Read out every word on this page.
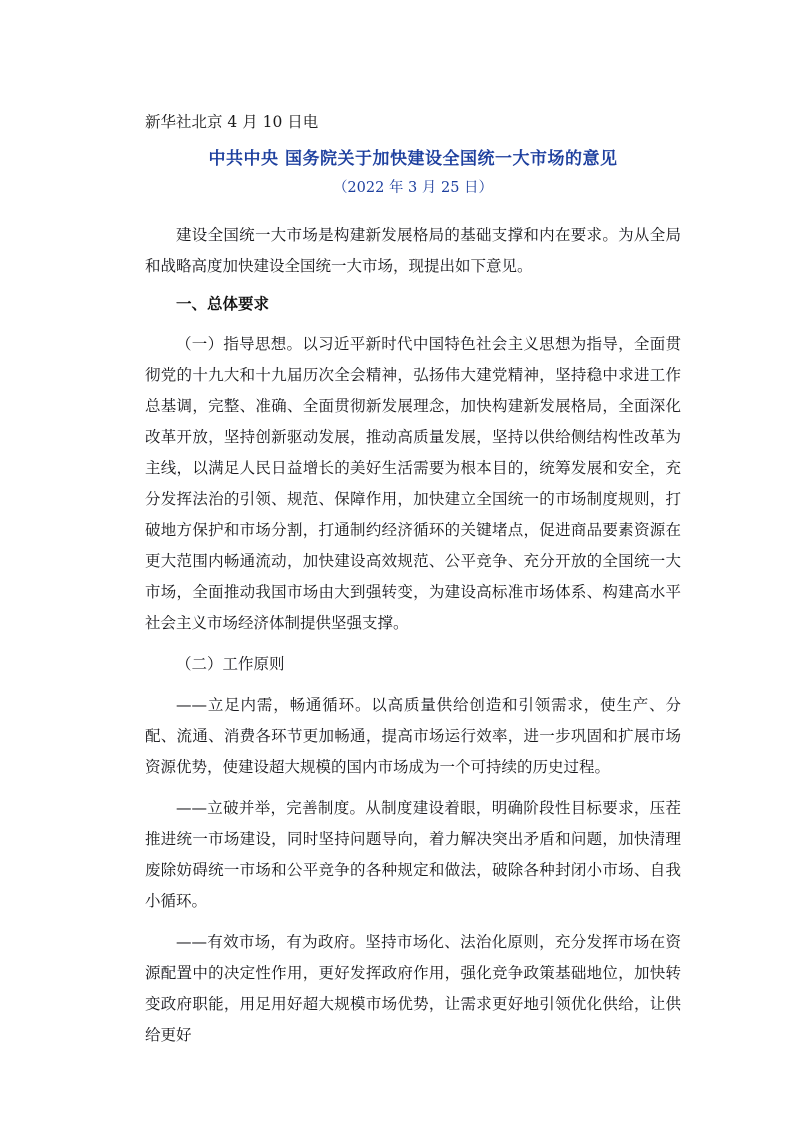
新华社北京 4 月 10 日电

中共中央 国务院关于加快建设全国统一大市场的意见

（2022 年 3 月 25 日）

建设全国统一大市场是构建新发展格局的基础支撑和内在要求。为从全局和战略高度加快建设全国统一大市场，现提出如下意见。

一、总体要求

（一）指导思想。以习近平新时代中国特色社会主义思想为指导，全面贯彻党的十九大和十九届历次全会精神，弘扬伟大建党精神，坚持稳中求进工作总基调，完整、准确、全面贯彻新发展理念，加快构建新发展格局，全面深化改革开放，坚持创新驱动发展，推动高质量发展，坚持以供给侧结构性改革为主线，以满足人民日益增长的美好生活需要为根本目的，统筹发展和安全，充分发挥法治的引领、规范、保障作用，加快建立全国统一的市场制度规则，打破地方保护和市场分割，打通制约经济循环的关键堵点，促进商品要素资源在更大范围内畅通流动，加快建设高效规范、公平竞争、充分开放的全国统一大市场，全面推动我国市场由大到强转变，为建设高标准市场体系、构建高水平社会主义市场经济体制提供坚强支撑。

（二）工作原则

——立足内需，畅通循环。以高质量供给创造和引领需求，使生产、分配、流通、消费各环节更加畅通，提高市场运行效率，进一步巩固和扩展市场资源优势，使建设超大规模的国内市场成为一个可持续的历史过程。

——立破并举，完善制度。从制度建设着眼，明确阶段性目标要求，压茬推进统一市场建设，同时坚持问题导向，着力解决突出矛盾和问题，加快清理废除妨碍统一市场和公平竞争的各种规定和做法，破除各种封闭小市场、自我小循环。

——有效市场，有为政府。坚持市场化、法治化原则，充分发挥市场在资源配置中的决定性作用，更好发挥政府作用，强化竞争政策基础地位，加快转变政府职能，用足用好超大规模市场优势，让需求更好地引领优化供给，让供给更好
